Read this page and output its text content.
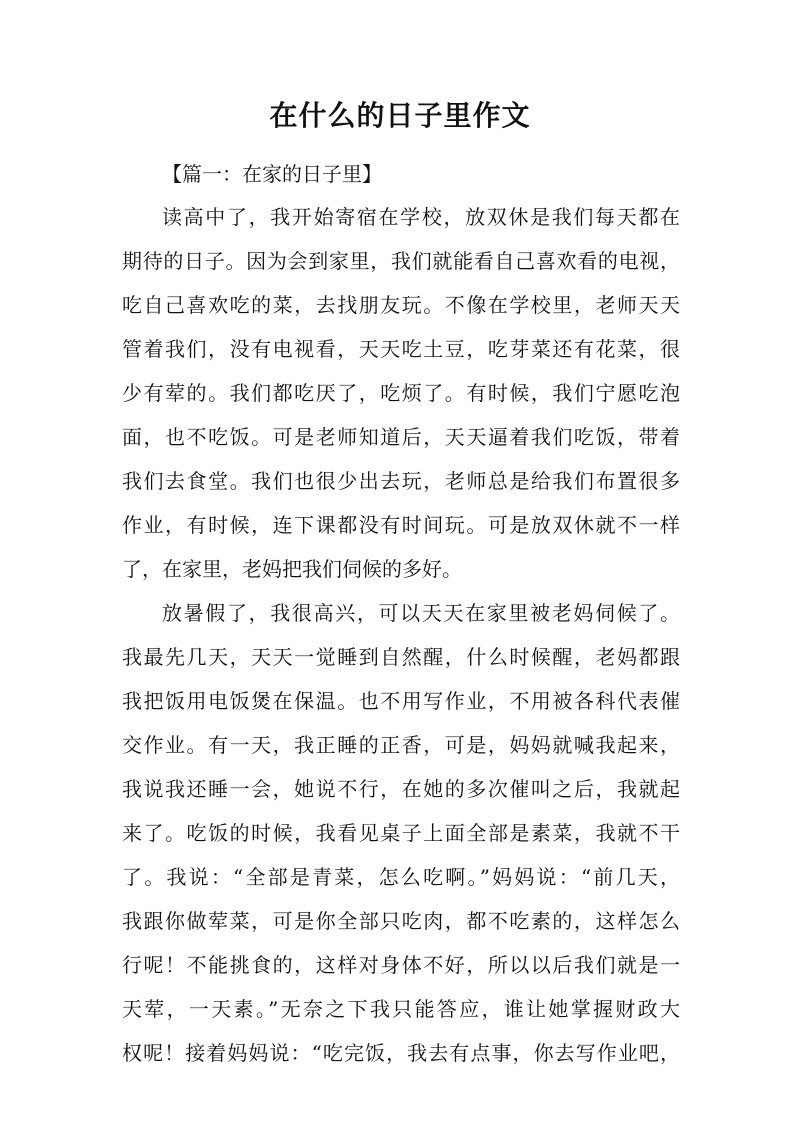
在什么的日子里作文

【篇一：在家的日子里】

读高中了，我开始寄宿在学校，放双休是我们每天都在

期待的日子。因为会到家里，我们就能看自己喜欢看的电视，

吃自己喜欢吃的菜，去找朋友玩。不像在学校里，老师天天

管着我们，没有电视看，天天吃土豆，吃芽菜还有花菜，很

少有荤的。我们都吃厌了，吃烦了。有时候，我们宁愿吃泡

面，也不吃饭。可是老师知道后，天天逼着我们吃饭，带着

我们去食堂。我们也很少出去玩，老师总是给我们布置很多

作业，有时候，连下课都没有时间玩。可是放双休就不一样

了，在家里，老妈把我们伺候的多好。

放暑假了，我很高兴，可以天天在家里被老妈伺候了。

我最先几天，天天一觉睡到自然醒，什么时候醒，老妈都跟

我把饭用电饭煲在保温。也不用写作业，不用被各科代表催

交作业。有一天，我正睡的正香，可是，妈妈就喊我起来，

我说我还睡一会，她说不行，在她的多次催叫之后，我就起

来了。吃饭的时候，我看见桌子上面全部是素菜，我就不干

了。我说：“全部是青菜，怎么吃啊。”妈妈说：“前几天，

我跟你做荤菜，可是你全部只吃肉，都不吃素的，这样怎么

行呢！不能挑食的，这样对身体不好，所以以后我们就是一

天荤，一天素。”无奈之下我只能答应，谁让她掌握财政大

权呢！接着妈妈说：“吃完饭，我去有点事，你去写作业吧，
